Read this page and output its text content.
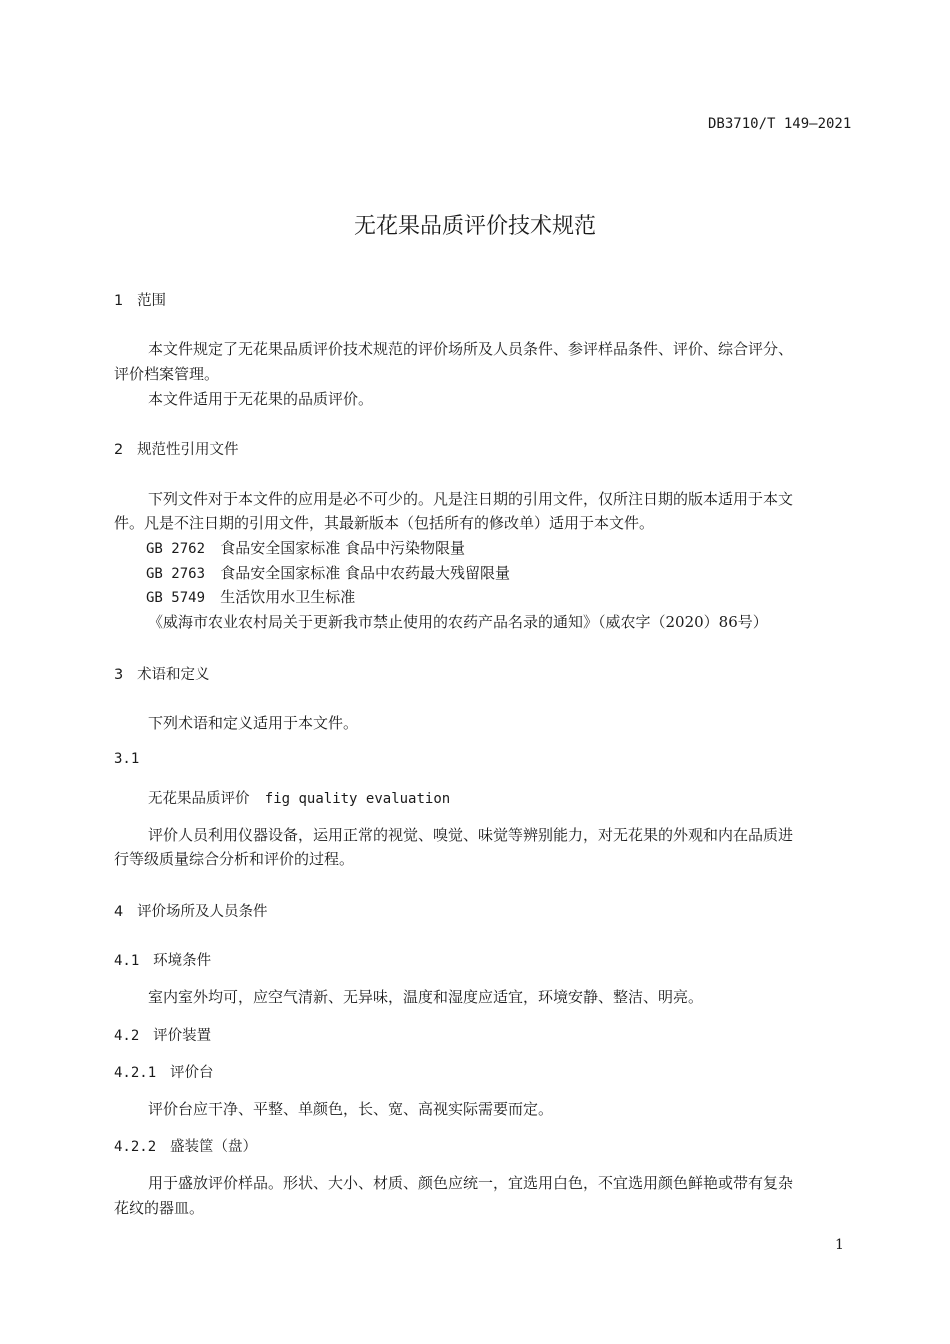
DB3710/T 149—2021
无花果品质评价技术规范
1 范围
本文件规定了无花果品质评价技术规范的评价场所及人员条件、参评样品条件、评价、综合评分、
评价档案管理。
本文件适用于无花果的品质评价。
2 规范性引用文件
下列文件对于本文件的应用是必不可少的。凡是注日期的引用文件，仅所注日期的版本适用于本文
件。凡是不注日期的引用文件，其最新版本（包括所有的修改单）适用于本文件。
GB 2762 食品安全国家标准 食品中污染物限量
GB 2763 食品安全国家标准 食品中农药最大残留限量
GB 5749 生活饮用水卫生标准
《威海市农业农村局关于更新我市禁止使用的农药产品名录的通知》（威农字（2020）86号）
3 术语和定义
下列术语和定义适用于本文件。
3.1
无花果品质评价 fig quality evaluation
评价人员利用仪器设备，运用正常的视觉、嗅觉、味觉等辨别能力，对无花果的外观和内在品质进
行等级质量综合分析和评价的过程。
4 评价场所及人员条件
4.1 环境条件
室内室外均可，应空气清新、无异味，温度和湿度应适宜，环境安静、整洁、明亮。
4.2 评价装置
4.2.1 评价台
评价台应干净、平整、单颜色，长、宽、高视实际需要而定。
4.2.2 盛装筐（盘）
用于盛放评价样品。形状、大小、材质、颜色应统一，宜选用白色，不宜选用颜色鲜艳或带有复杂
花纹的器皿。
1
